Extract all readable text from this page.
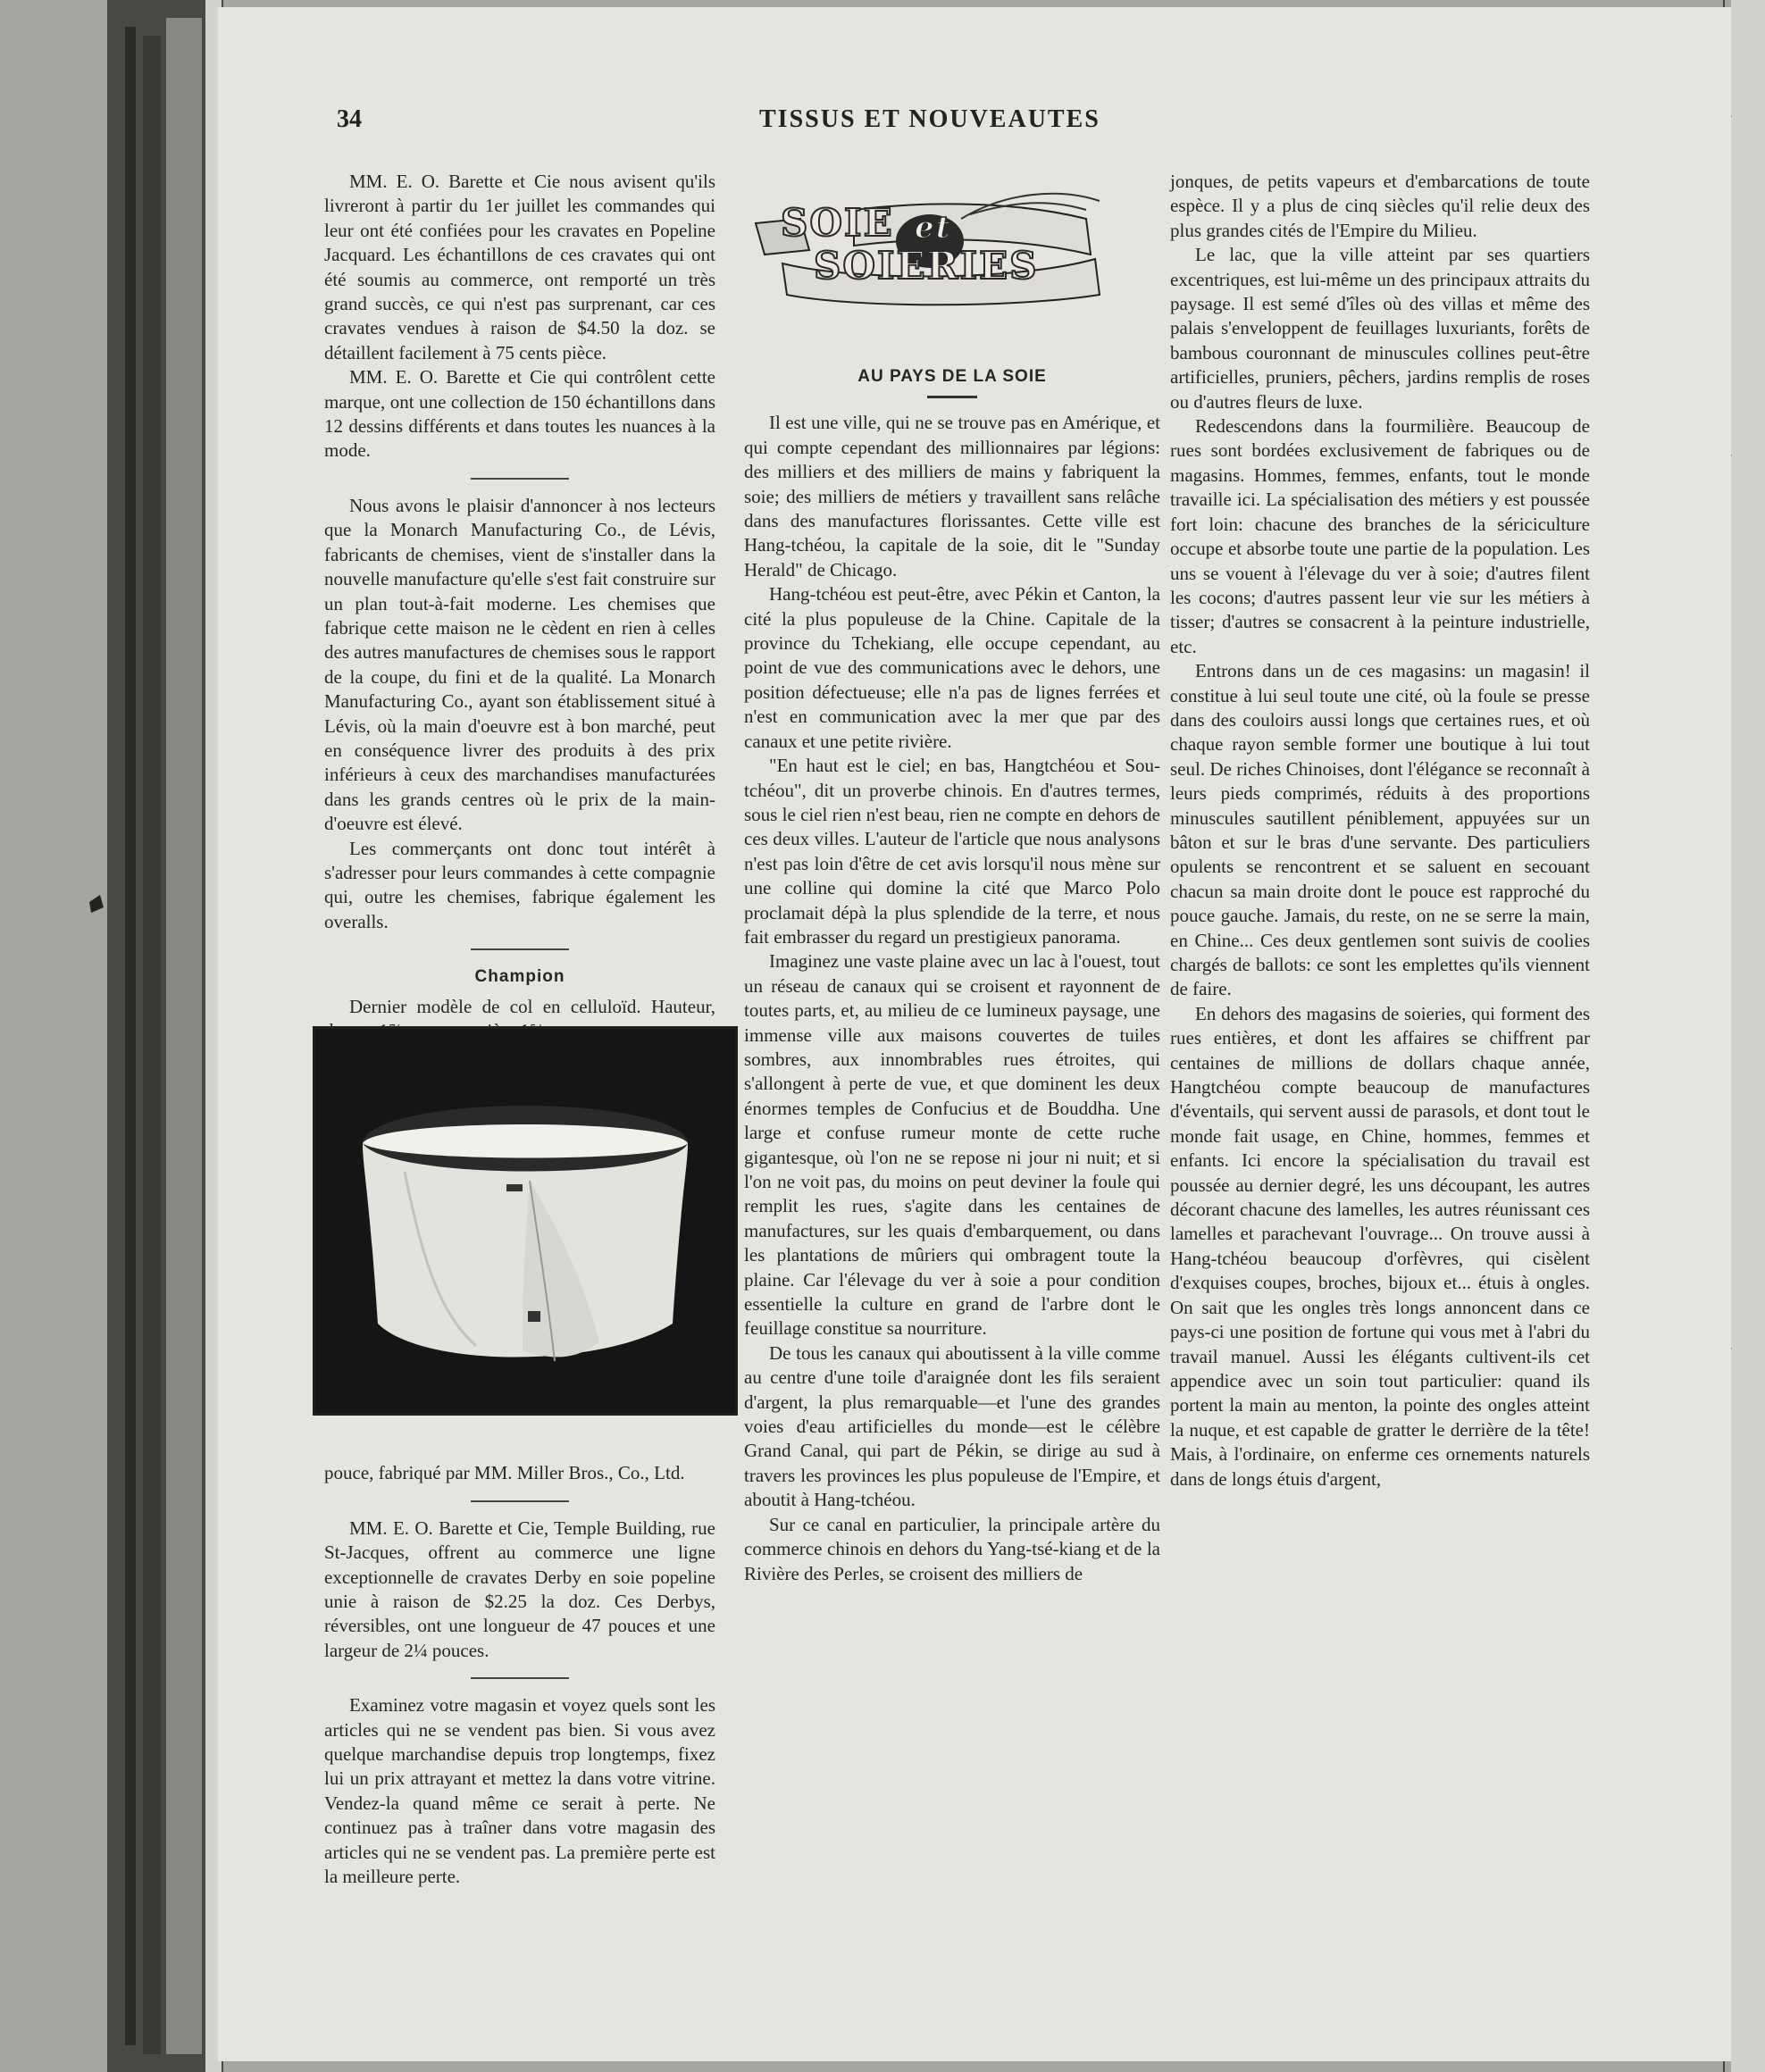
34	TISSUS ET NOUVEAUTES

MM. E. O. Barette et Cie nous avisent qu'ils livreront à partir du 1er juillet les commandes qui leur ont été confiées pour les cravates en Popeline Jacquard. Les échantillons de ces cravates qui ont été soumis au commerce, ont remporté un très grand succès, ce qui n'est pas surprenant, car ces cravates vendues à raison de $4.50 la doz. se détaillent facilement à 75 cents pièce.

MM. E. O. Barette et Cie qui contrôlent cette marque, ont une collection de 150 échantillons dans 12 dessins différents et dans toutes les nuances à la mode.

Nous avons le plaisir d'annoncer à nos lecteurs que la Monarch Manufacturing Co., de Lévis, fabricants de chemises, vient de s'installer dans la nouvelle manufacture qu'elle s'est fait construire sur un plan tout-à-fait moderne. Les chemises que fabrique cette maison ne le cèdent en rien à celles des autres manufactures de chemises sous le rapport de la coupe, du fini et de la qualité. La Monarch Manufacturing Co., ayant son établissement situé à Lévis, où la main d'oeuvre est à bon marché, peut en conséquence livrer des produits à des prix inférieurs à ceux des marchandises manufacturées dans les grands centres où le prix de la main-d'oeuvre est élevé.

Les commerçants ont donc tout intérêt à s'adresser pour leurs commandes à cette compagnie qui, outre les chemises, fabrique également les overalls.

Champion

Dernier modèle de col en celluloïd. Hauteur,

pouce, fabriqué par MM. Miller Bros., Co., Ltd.

MM. E. O. Barette et Cie, Temple Building, rue St-Jacques, offrent au commerce une ligne exceptionnelle de cravates Derby en soie popeline unie à raison de $2.25 la doz. Ces Derbys, réversibles, ont une longueur de 47 pouces et une largeur de 2¼ pouces.

Examinez votre magasin et voyez quels sont les articles qui ne se vendent pas bien. Si vous avez quelque marchandise depuis trop longtemps, fixez lui un prix attrayant et mettez la dans votre vitrine. Vendez-la quand même ce serait à perte. Ne continuez pas à traîner dans votre magasin des articles qui ne se vendent pas. La première perte est la meilleure perte.

SOIE et
SOIERIES

AU PAYS DE LA SOIE

Il est une ville, qui ne se trouve pas en Amérique, et qui compte cependant des millionnaires par légions: des milliers et des milliers de mains y fabriquent la soie; des milliers de métiers y travaillent sans relâche dans des manufactures florissantes. Cette ville est Hang-tchéou, la capitale de la soie, dit le "Sunday Herald" de Chicago.

Hang-tchéou est peut-être, avec Pékin et Canton, la cité la plus populeuse de la Chine. Capitale de la province du Tchekiang, elle occupe cependant, au point de vue des communications avec le dehors, une position défectueuse; elle n'a pas de lignes ferrées et n'est en communication avec la mer que par des canaux et une petite rivière.

"En haut est le ciel; en bas, Hangtchéou et Sou-tchéou", dit un proverbe chinois. En d'autres termes, sous le ciel rien n'est beau, rien ne compte en dehors de ces deux villes. L'auteur de l'article que nous analysons n'est pas loin d'être de cet avis lorsqu'il nous mène sur une colline qui domine la cité que Marco Polo proclamait dépà la plus splendide de la terre, et nous fait embrasser du regard un prestigieux panorama.

Imaginez une vaste plaine avec un lac à l'ouest, tout un réseau de canaux qui se croisent et rayonnent de toutes parts, et, au milieu de ce lumineux paysage, une immense ville aux maisons couvertes de tuiles sombres, aux innombrables rues étroites, qui s'allongent à perte de vue, et que dominent les deux énormes temples de Confucius et de Bouddha. Une large et confuse rumeur monte de cette ruche gigantesque, où l'on ne se repose ni jour ni nuit; et si l'on ne voit pas, du moins on peut deviner la foule qui remplit les rues, s'agite dans les centaines de manufactures, sur les quais d'embarquement, ou dans les plantations de mûriers qui ombragent toute la plaine. Car l'élevage du ver à soie a pour condition essentielle la culture en grand de l'arbre dont le feuillage constitue sa nourriture.

De tous les canaux qui aboutissent à la ville comme au centre d'une toile d'araignée dont les fils seraient d'argent, la plus remarquable—et l'une des grandes voies d'eau artificielles du monde—est le célèbre Grand Canal, qui part de Pékin, se dirige au sud à travers les provinces les plus populeuse de l'Empire, et aboutit à Hang-tchéou.

Sur ce canal en particulier, la principale artère du commerce chinois en dehors du Yang-tsé-kiang et de la Rivière des Perles, se croisent des milliers de

jonques, de petits vapeurs et d'embarcations de toute espèce. Il y a plus de cinq siècles qu'il relie deux des plus grandes cités de l'Empire du Milieu.

Le lac, que la ville atteint par ses quartiers excentriques, est lui-même un des principaux attraits du paysage. Il est semé d'îles où des villas et même des palais s'enveloppent de feuillages luxuriants, forêts de bambous couronnant de minuscules collines peut-être artificielles, pruniers, pêchers, jardins remplis de roses ou d'autres fleurs de luxe.

Redescendons dans la fourmilière. Beaucoup de rues sont bordées exclusivement de fabriques ou de magasins. Hommes, femmes, enfants, tout le monde travaille ici. La spécialisation des métiers y est poussée fort loin: chacune des branches de la sériciculture occupe et absorbe toute une partie de la population. Les uns se vouent à l'élevage du ver à soie; d'autres filent les cocons; d'autres passent leur vie sur les métiers à tisser; d'autres se consacrent à la peinture industrielle, etc.

Entrons dans un de ces magasins: un magasin! il constitue à lui seul toute une cité, où la foule se presse dans des couloirs aussi longs que certaines rues, et où chaque rayon semble former une boutique à lui tout seul. De riches Chinoises, dont l'élégance se reconnaît à leurs pieds comprimés, réduits à des proportions minuscules sautillent péniblement, appuyées sur un bâton et sur le bras d'une servante. Des particuliers opulents se rencontrent et se saluent en secouant chacun sa main droite dont le pouce est rapproché du pouce gauche. Jamais, du reste, on ne se serre la main, en Chine... Ces deux gentlemen sont suivis de coolies chargés de ballots: ce sont les emplettes qu'ils viennent de faire.

En dehors des magasins de soieries, qui forment des rues entières, et dont les affaires se chiffrent par centaines de millions de dollars chaque année, Hangtchéou compte beaucoup de manufactures d'éventails, qui servent aussi de parasols, et dont tout le monde fait usage, en Chine, hommes, femmes et enfants. Ici encore la spécialisation du travail est poussée au dernier degré, les uns découpant, les autres décorant chacune des lamelles, les autres réunissant ces lamelles et parachevant l'ouvrage... On trouve aussi à Hang-tchéou beaucoup d'orfèvres, qui cisèlent d'exquises coupes, broches, bijoux et... étuis à ongles. On sait que les ongles très longs annoncent dans ce pays-ci une position de fortune qui vous met à l'abri du travail manuel. Aussi les élégants cultivent-ils cet appendice avec un soin tout particulier: quand ils portent la main au menton, la pointe des ongles atteint la nuque, et est capable de gratter le derrière de la tête! Mais, à l'ordinaire, on enferme ces ornements naturels dans de longs étuis d'argent,
